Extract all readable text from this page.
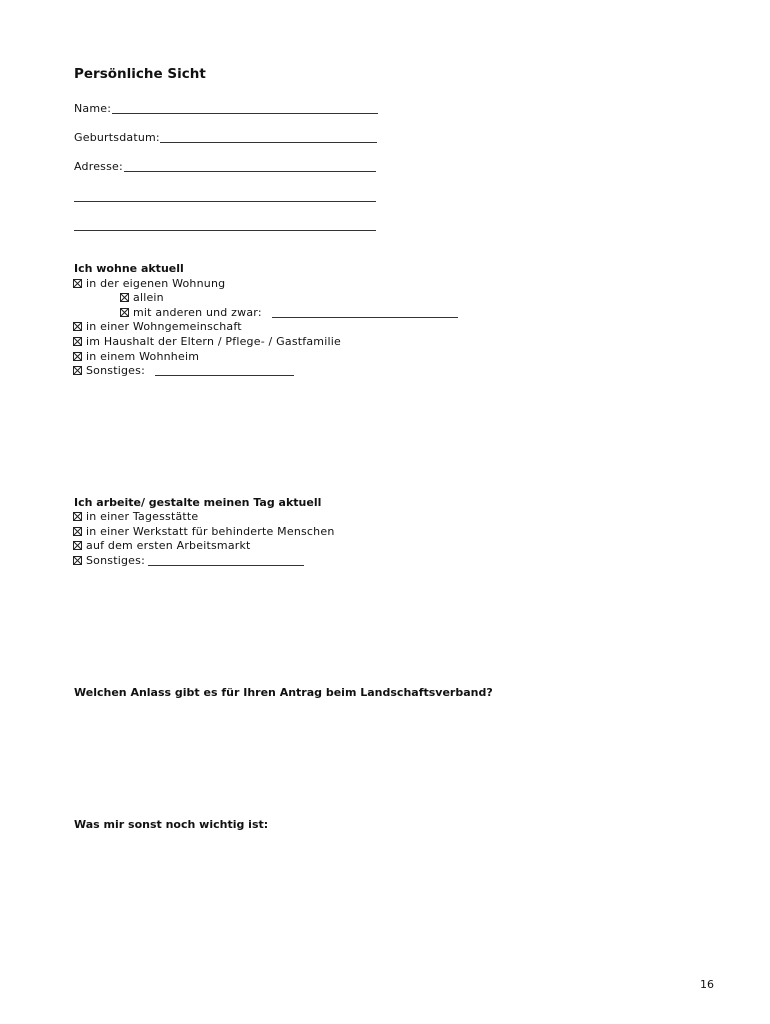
Persönliche Sicht
Name:
Geburtsdatum:
Adresse:
Ich wohne aktuell
in der eigenen Wohnung
allein
mit anderen und zwar:
in einer Wohngemeinschaft
im Haushalt der Eltern / Pflege- / Gastfamilie
in einem Wohnheim
Sonstiges:
Ich arbeite/ gestalte meinen Tag aktuell
in einer Tagesstätte
in einer Werkstatt für behinderte Menschen
auf dem ersten Arbeitsmarkt
Sonstiges:
Welchen Anlass gibt es für Ihren Antrag beim Landschaftsverband?
Was mir sonst noch wichtig ist:
16
